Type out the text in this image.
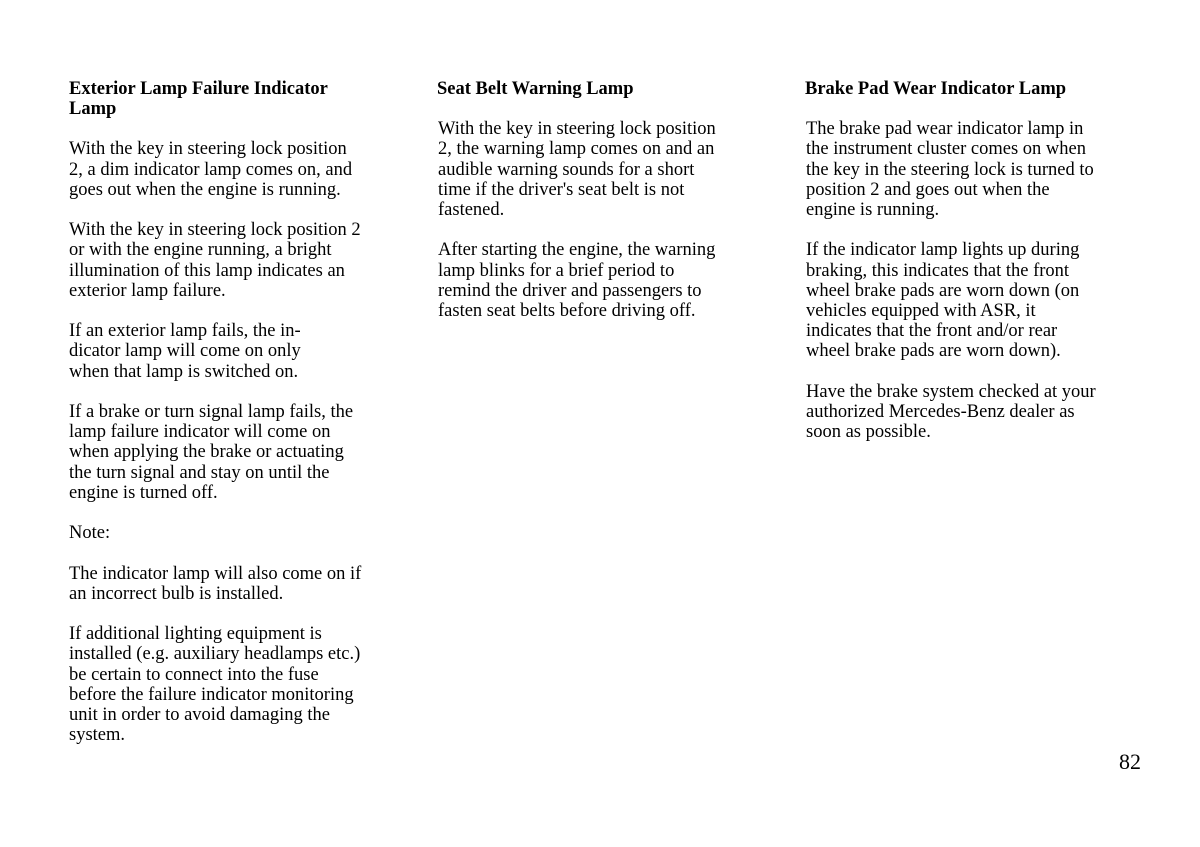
Exterior Lamp Failure Indicator
Lamp

With the key in steering lock position
2, a dim indicator lamp comes on, and
goes out when the engine is running.

With the key in steering lock position 2
or with the engine running, a bright
illumination of this lamp indicates an
exterior lamp failure.

If an exterior lamp fails, the in-
dicator lamp will come on only
when that lamp is switched on.

If a brake or turn signal lamp fails, the
lamp failure indicator will come on
when applying the brake or actuating
the turn signal and stay on until the
engine is turned off.

Note:

The indicator lamp will also come on if
an incorrect bulb is installed.

If additional lighting equipment is
installed (e.g. auxiliary headlamps etc.)
be certain to connect into the fuse
before the failure indicator monitoring
unit in order to avoid damaging the
system.

Seat Belt Warning Lamp

With the key in steering lock position
2, the warning lamp comes on and an
audible warning sounds for a short
time if the driver's seat belt is not
fastened.

After starting the engine, the warning
lamp blinks for a brief period to
remind the driver and passengers to
fasten seat belts before driving off.

Brake Pad Wear Indicator Lamp

The brake pad wear indicator lamp in
the instrument cluster comes on when
the key in the steering lock is turned to
position 2 and goes out when the
engine is running.

If the indicator lamp lights up during
braking, this indicates that the front
wheel brake pads are worn down (on
vehicles equipped with ASR, it
indicates that the front and/or rear
wheel brake pads are worn down).

Have the brake system checked at your
authorized Mercedes-Benz dealer as
soon as possible.

82
